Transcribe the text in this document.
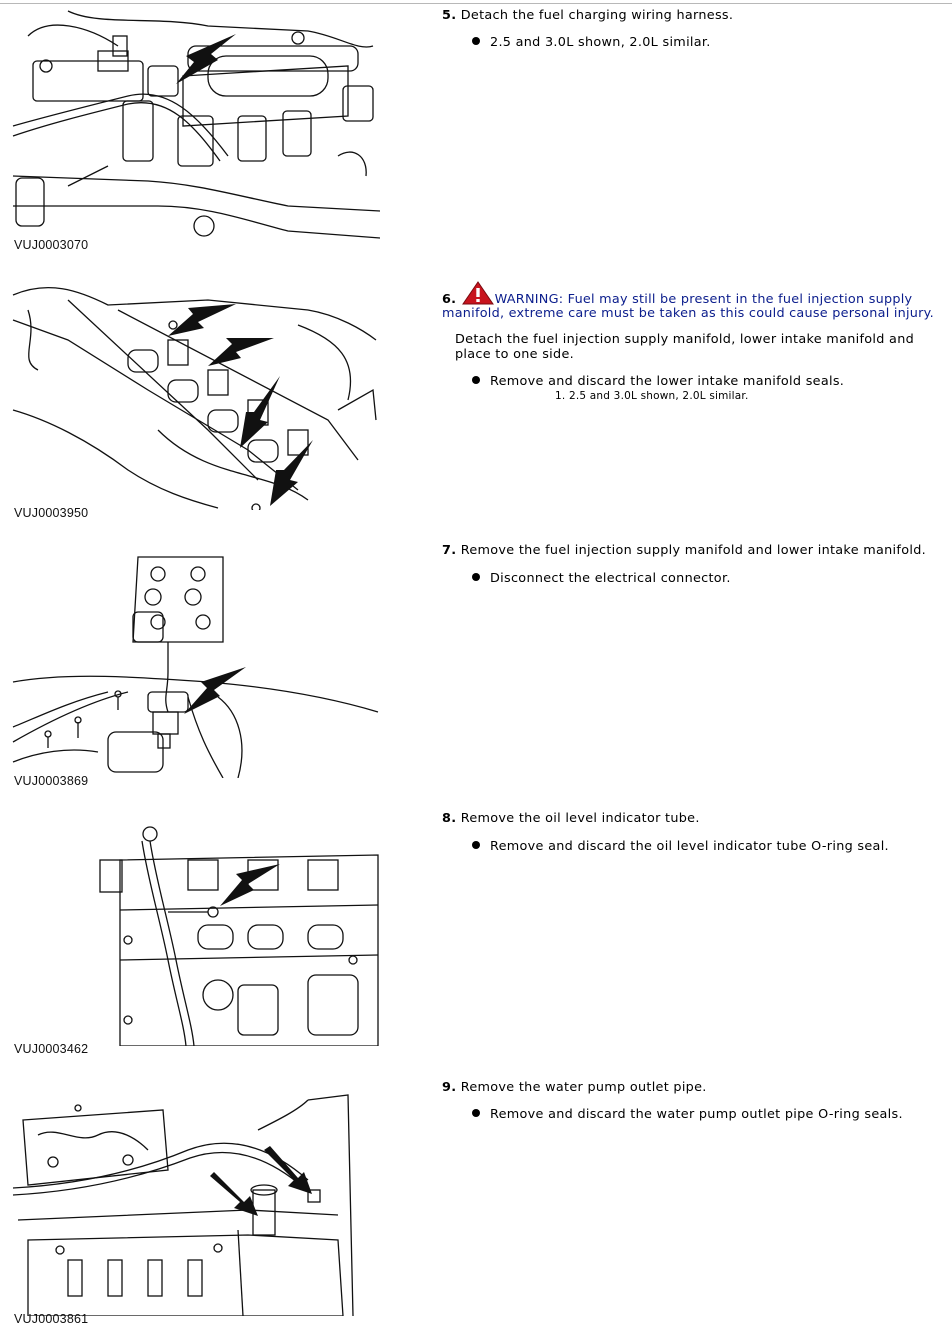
VUJ0003070
VUJ0003950
VUJ0003869
VUJ0003462
VUJ0003861
5. Detach the fuel charging wiring harness.
2.5 and 3.0L shown, 2.0L similar.
6.	WARNING: Fuel may still be present in the fuel injection supply manifold, extreme care must be taken as this could cause personal injury.
Detach the fuel injection supply manifold, lower intake manifold and place to one side.
Remove and discard the lower intake manifold seals.
1. 2.5 and 3.0L shown, 2.0L similar.
7. Remove the fuel injection supply manifold and lower intake manifold.
Disconnect the electrical connector.
8. Remove the oil level indicator tube.
Remove and discard the oil level indicator tube O-ring seal.
9. Remove the water pump outlet pipe.
Remove and discard the water pump outlet pipe O-ring seals.
